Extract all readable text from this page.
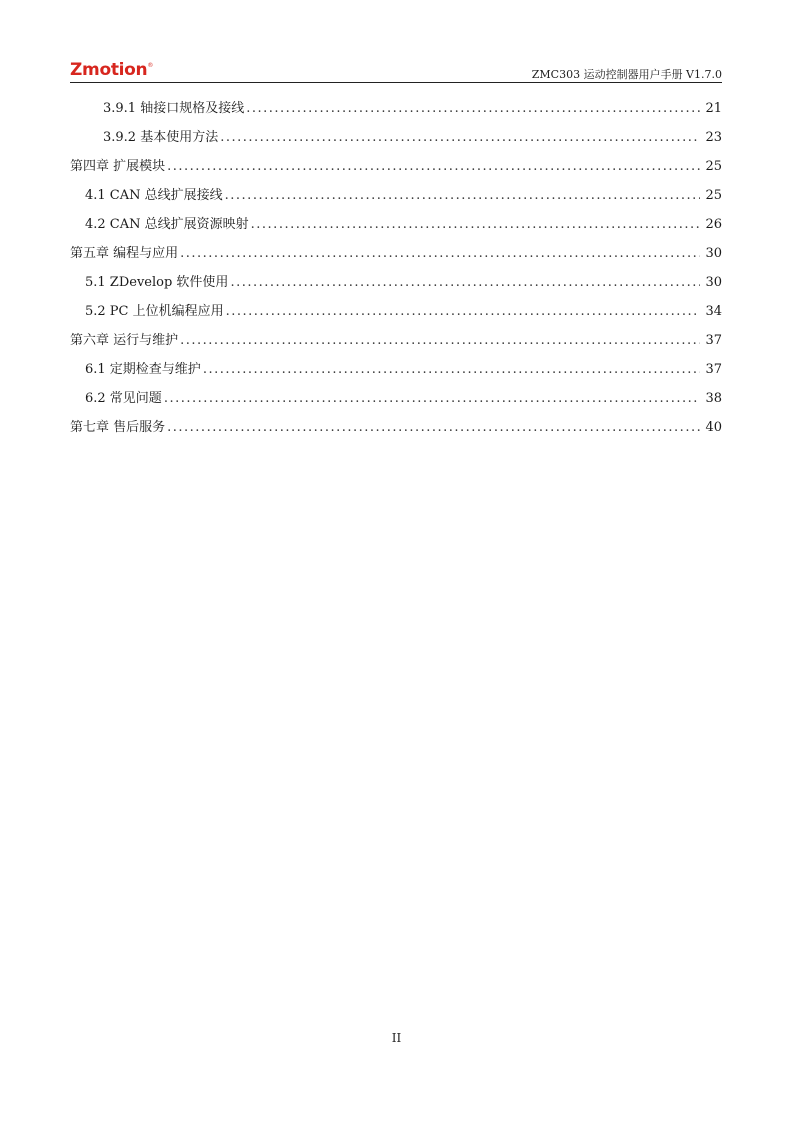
Zmotion®
ZMC303 运动控制器用户手册 V1.7.0
3.9.1 轴接口规格及接线 .....	21
3.9.2 基本使用方法 .....	23
第四章 扩展模块 .....	25
4.1 CAN 总线扩展接线 .....	25
4.2 CAN 总线扩展资源映射 .....	26
第五章 编程与应用 .....	30
5.1 ZDevelop 软件使用 .....	30
5.2 PC 上位机编程应用 .....	34
第六章 运行与维护 .....	37
6.1 定期检查与维护 .....	37
6.2 常见问题 .....	38
第七章 售后服务 .....	40
II
